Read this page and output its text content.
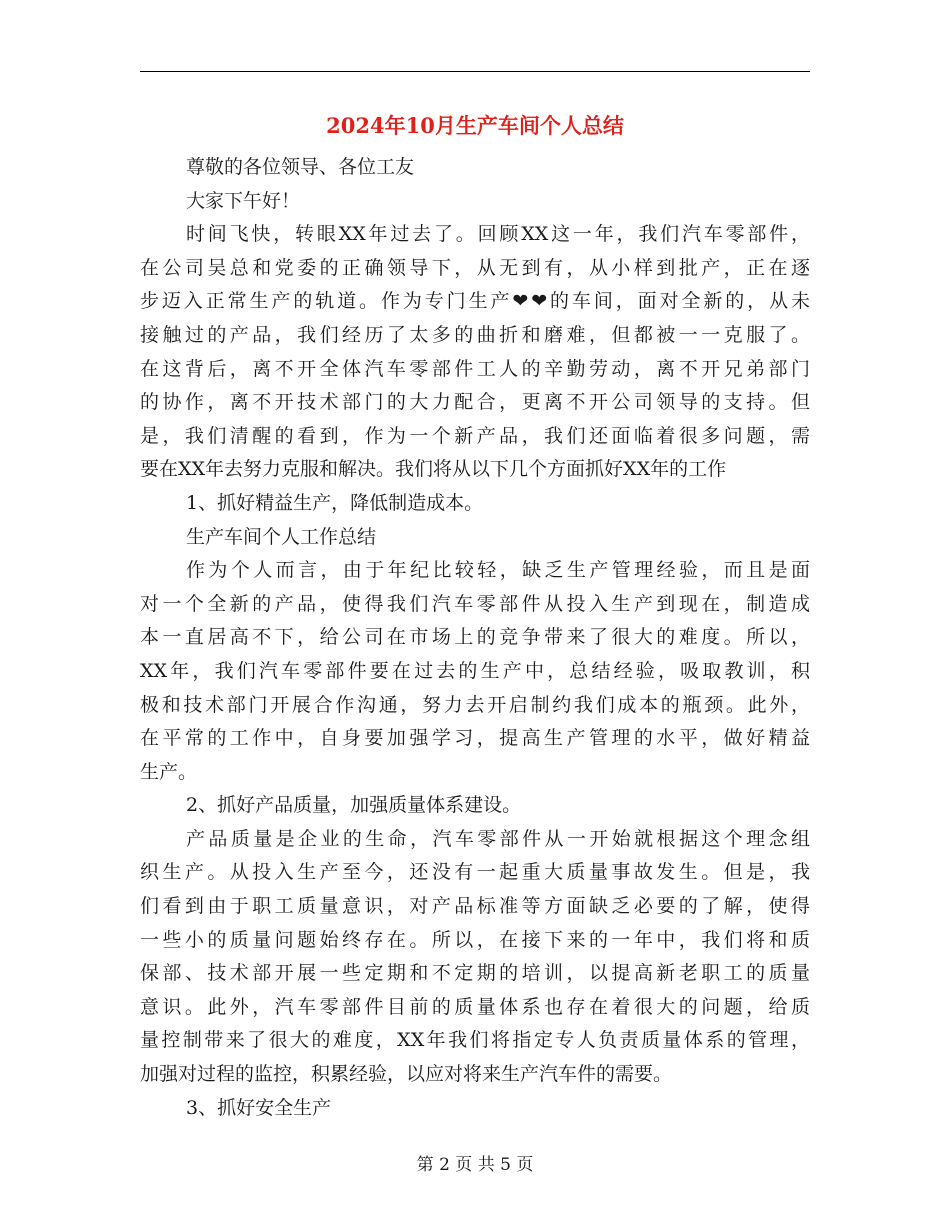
2024年10月生产车间个人总结
尊敬的各位领导、各位工友
大家下午好！
时间飞快，转眼XX年过去了。回顾XX这一年，我们汽车零部件，
在公司吴总和党委的正确领导下，从无到有，从小样到批产，正在逐
步迈入正常生产的轨道。作为专门生产❤❤的车间，面对全新的，从未
接触过的产品，我们经历了太多的曲折和磨难，但都被一一克服了。
在这背后，离不开全体汽车零部件工人的辛勤劳动，离不开兄弟部门
的协作，离不开技术部门的大力配合，更离不开公司领导的支持。但
是，我们清醒的看到，作为一个新产品，我们还面临着很多问题，需
要在XX年去努力克服和解决。我们将从以下几个方面抓好XX年的工作
1、抓好精益生产，降低制造成本。
生产车间个人工作总结
作为个人而言，由于年纪比较轻，缺乏生产管理经验，而且是面
对一个全新的产品，使得我们汽车零部件从投入生产到现在，制造成
本一直居高不下，给公司在市场上的竞争带来了很大的难度。所以，
XX年，我们汽车零部件要在过去的生产中，总结经验，吸取教训，积
极和技术部门开展合作沟通，努力去开启制约我们成本的瓶颈。此外，
在平常的工作中，自身要加强学习，提高生产管理的水平，做好精益
生产。
2、抓好产品质量，加强质量体系建设。
产品质量是企业的生命，汽车零部件从一开始就根据这个理念组
织生产。从投入生产至今，还没有一起重大质量事故发生。但是，我
们看到由于职工质量意识，对产品标准等方面缺乏必要的了解，使得
一些小的质量问题始终存在。所以，在接下来的一年中，我们将和质
保部、技术部开展一些定期和不定期的培训，以提高新老职工的质量
意识。此外，汽车零部件目前的质量体系也存在着很大的问题，给质
量控制带来了很大的难度，XX年我们将指定专人负责质量体系的管理，
加强对过程的监控，积累经验，以应对将来生产汽车件的需要。
3、抓好安全生产
第 2 页 共 5 页
